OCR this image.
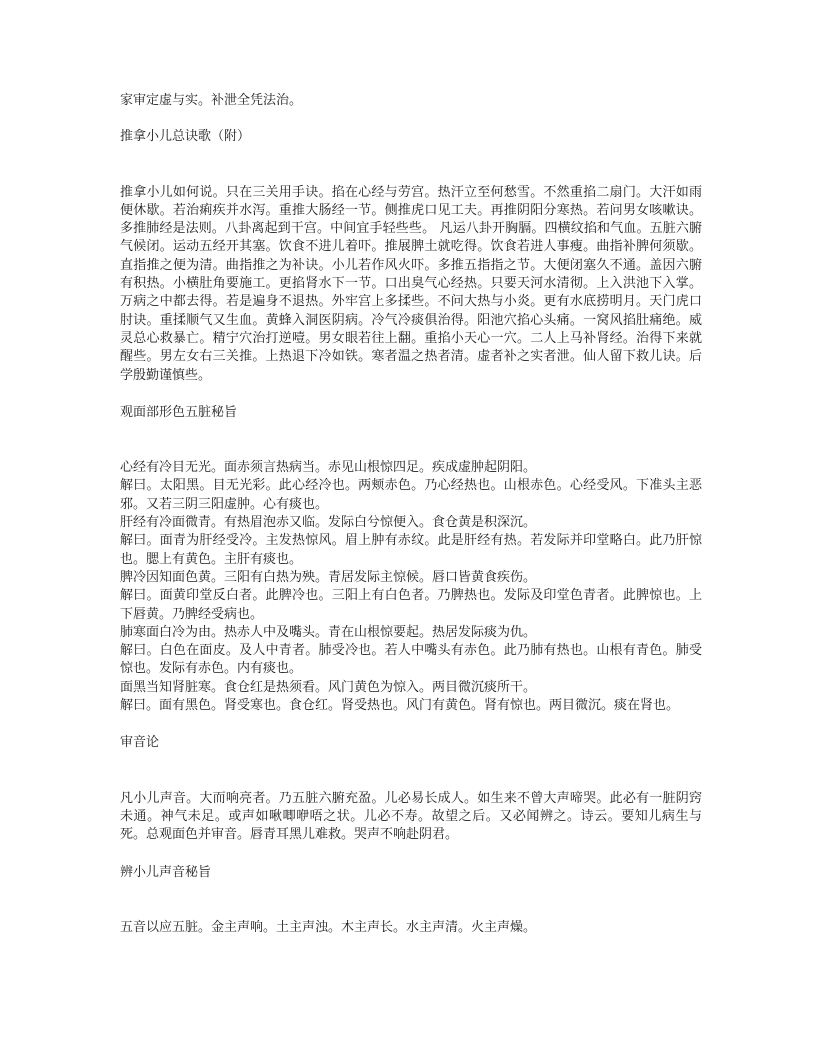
家审定虚与实。补泄全凭法治。

推拿小儿总诀歌（附）

推拿小儿如何说。只在三关用手诀。掐在心经与劳宫。热汗立至何愁雪。不然重掐二扇门。大汗如雨便休歇。若治痢疾并水泻。重推大肠经一节。侧推虎口见工夫。再推阴阳分寒热。若问男女咳嗽诀。多推肺经是法则。八卦离起到干宫。中间宜手轻些些。 凡运八卦开胸膈。四横纹掐和气血。五脏六腑气候闭。运动五经开其塞。饮食不进儿着吓。推展脾土就吃得。饮食若进人事瘦。曲指补脾何须歇。直指推之便为清。曲指推之为补诀。小儿若作风火吓。多推五指指之节。大便闭塞久不通。盖因六腑有积热。小横肚角要施工。更掐肾水下一节。口出臭气心经热。只要天河水清彻。上入洪池下入掌。万病之中都去得。若是遍身不退热。外牢宫上多揉些。不问大热与小炎。更有水底捞明月。天门虎口 肘诀。重揉顺气又生血。黄蜂入洞医阴病。冷气冷痰俱治得。阳池穴掐心头痛。一窝风掐肚痛绝。威灵总心救暴亡。精宁穴治打逆噎。男女眼若往上翻。重掐小天心一穴。二人上马补肾经。治得下来就醒些。男左女右三关推。上热退下冷如铁。寒者温之热者清。虚者补之实者泄。仙人留下救儿诀。后学殷勤谨慎些。

观面部形色五脏秘旨

心经有冷目无光。面赤须言热病当。赤见山根惊四足。疾成虚肿起阴阳。

解曰。太阳黑。目无光彩。此心经冷也。两颊赤色。乃心经热也。山根赤色。心经受风。下准头主恶邪。又若三阴三阳虚肿。心有痰也。

肝经有冷面微青。有热眉泡赤又临。发际白兮惊便入。食仓黄是积深沉。

解曰。面青为肝经受冷。主发热惊风。眉上肿有赤纹。此是肝经有热。若发际并印堂略白。此乃肝惊也。腮上有黄色。主肝有痰也。

脾冷因知面色黄。三阳有白热为殃。青居发际主惊候。唇口皆黄食疾伤。

解曰。面黄印堂反白者。此脾冷也。三阳上有白色者。乃脾热也。发际及印堂色青者。此脾惊也。上下唇黄。乃脾经受病也。

肺寒面白冷为由。热赤人中及嘴头。青在山根惊要起。热居发际痰为仇。

解曰。白色在面皮。及人中青者。肺受冷也。若人中嘴头有赤色。此乃肺有热也。山根有青色。肺受惊也。发际有赤色。内有痰也。

面黑当知肾脏寒。食仓红是热须看。风门黄色为惊入。两目微沉痰所干。

解曰。面有黑色。肾受寒也。食仓红。肾受热也。风门有黄色。肾有惊也。两目微沉。痰在肾也。

审音论

凡小儿声音。大而响亮者。乃五脏六腑充盈。儿必易长成人。如生来不曾大声啼哭。此必有一脏阴窍未通。神气未足。或声如啾唧咿唔之状。儿必不寿。故望之后。又必闻辨之。诗云。要知儿病生与死。总观面色并审音。唇青耳黑儿难救。哭声不响赴阴君。

辨小儿声音秘旨

五音以应五脏。金主声响。土主声浊。木主声长。水主声清。火主声燥。
